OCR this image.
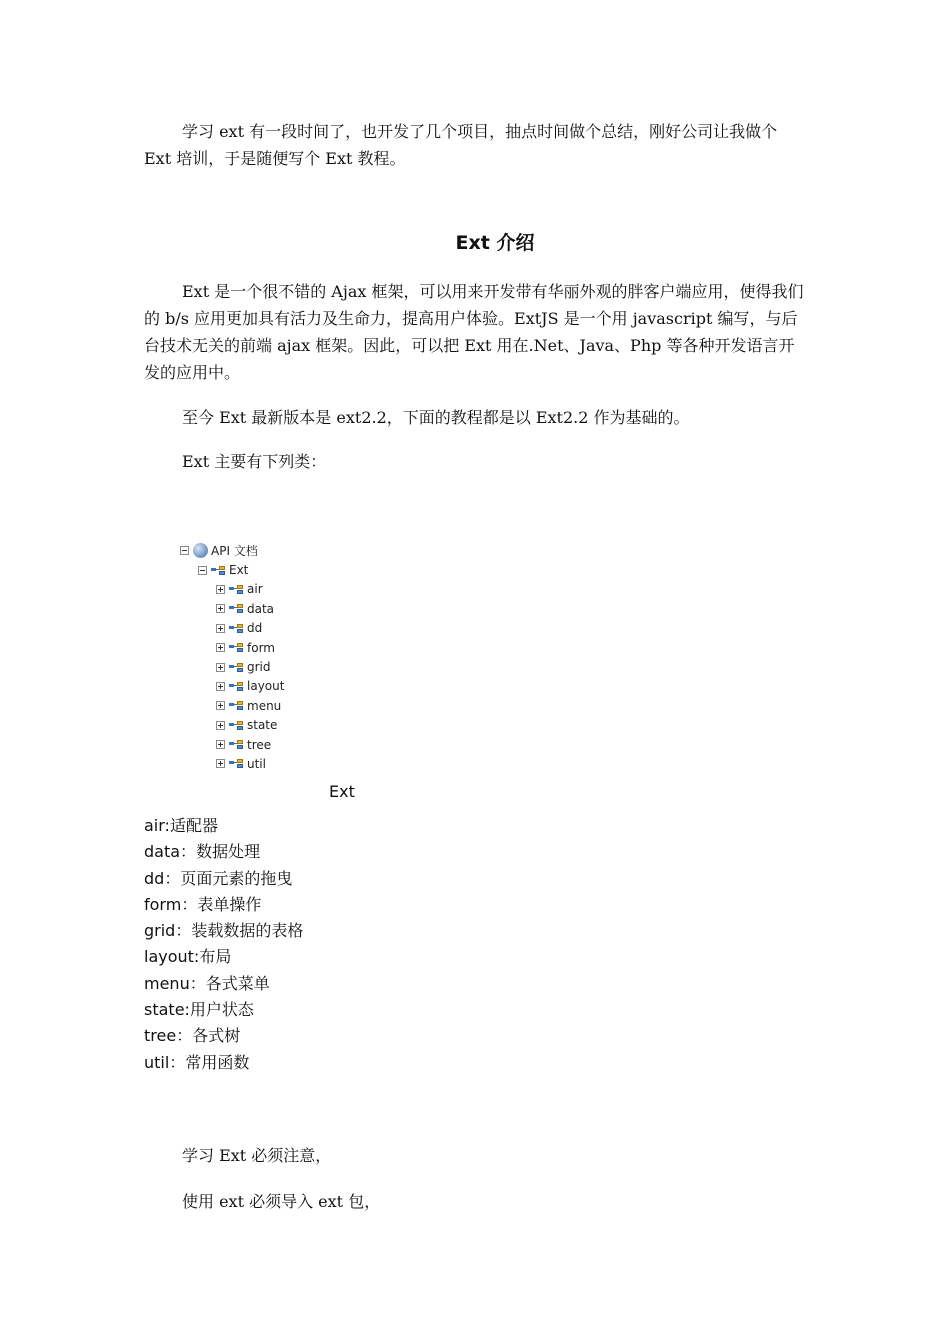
学习 ext 有一段时间了，也开发了几个项目，抽点时间做个总结，刚好公司让我做个 Ext 培训，于是随便写个 Ext 教程。

Ext 介绍

Ext 是一个很不错的 Ajax 框架，可以用来开发带有华丽外观的胖客户端应用，使得我们的 b/s 应用更加具有活力及生命力，提高用户体验。ExtJS 是一个用 javascript 编写，与后台技术无关的前端 ajax 框架。因此，可以把 Ext 用在.Net、Java、Php 等各种开发语言开发的应用中。

至今 Ext 最新版本是 ext2.2，下面的教程都是以 Ext2.2 作为基础的。

Ext 主要有下列类：

API 文档
Ext
air
data
dd
form
grid
layout
menu
state
tree
util

Ext

air:适配器
data：数据处理
dd：页面元素的拖曳
form：表单操作
grid：装载数据的表格
layout:布局
menu：各式菜单
state:用户状态
tree：各式树
util：常用函数

学习 Ext 必须注意，

使用 ext 必须导入 ext 包，
